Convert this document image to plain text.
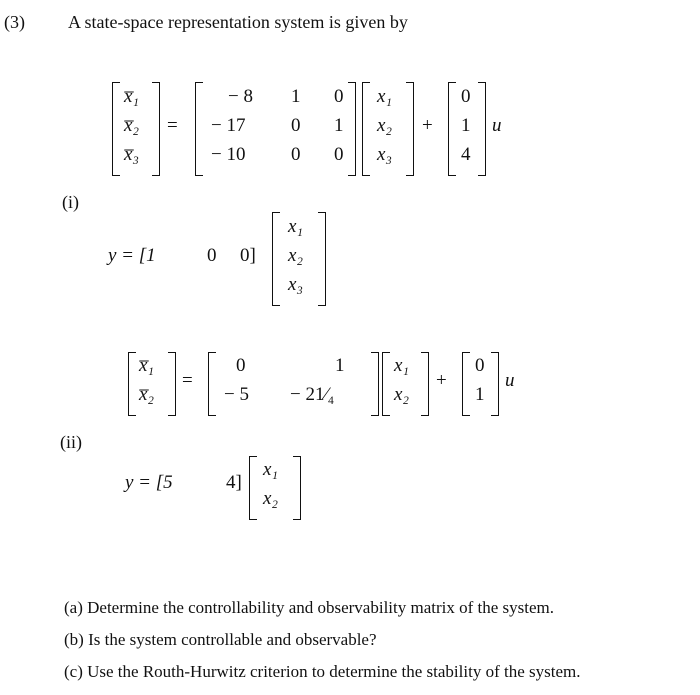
(3) A state-space representation system is given by
x̅₁
x̅₂
x̅₃
=
− 8 1 0
− 17 0 1
− 10 0 0
x₁
x₂
x₃
+
0
1
4
u
(i)
y = [1	0 0]
x₁
x₂
x₃
x̅₁
x̅₂
=
0	1
− 5 − 21⁄₄
x₁
x₂
+
0
1
u
(ii)
y = [5	4]
x₁
x₂
(a) Determine the controllability and observability matrix of the system.
(b) Is the system controllable and observable?
(c) Use the Routh-Hurwitz criterion to determine the stability of the system.
